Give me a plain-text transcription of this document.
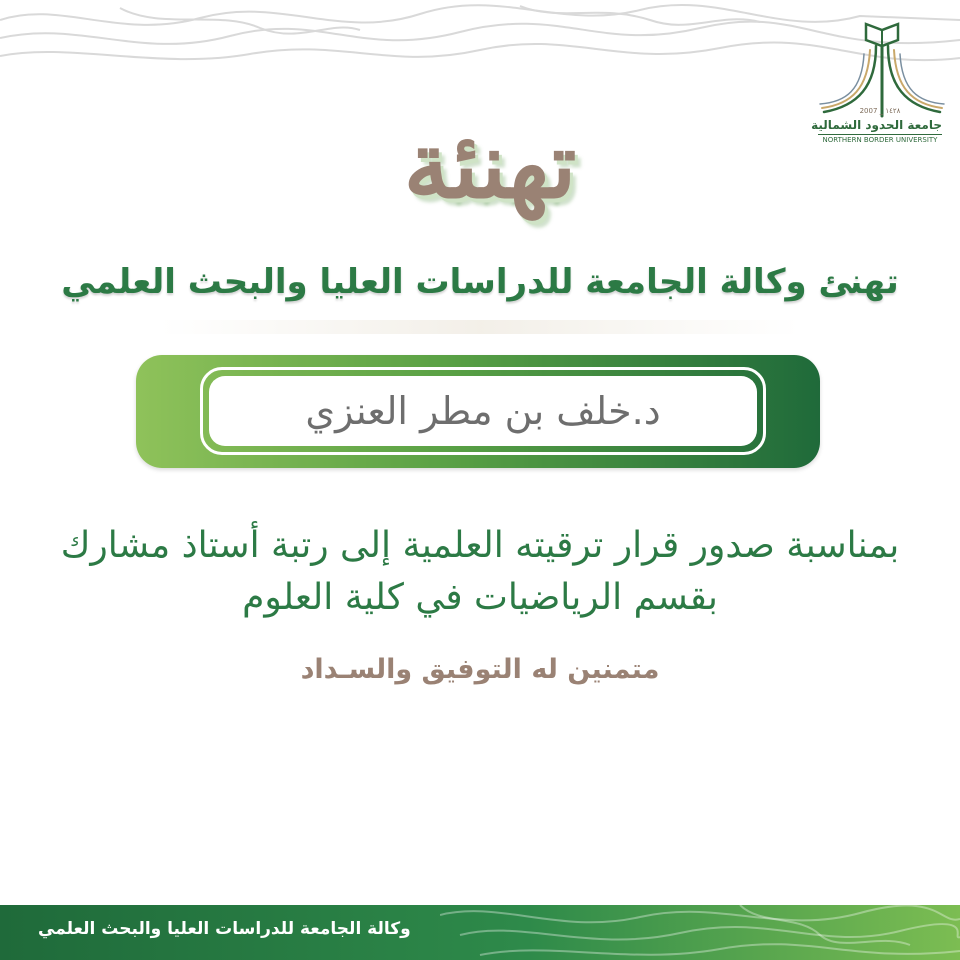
2007 _ ١٤٢٨
جامعة الحدود الشمالية
NORTHERN BORDER UNIVERSITY
تهنئة
تهنئ وكالة الجامعة للدراسات العليا والبحث العلمي
د.خلف بن مطر العنزي
بمناسبة صدور قرار ترقيته العلمية إلى رتبة أستاذ مشارك
بقسم الرياضيات في كلية العلوم
متمنين له التوفيق والسـداد
وكالة الجامعة للدراسات العليا والبحث العلمي
